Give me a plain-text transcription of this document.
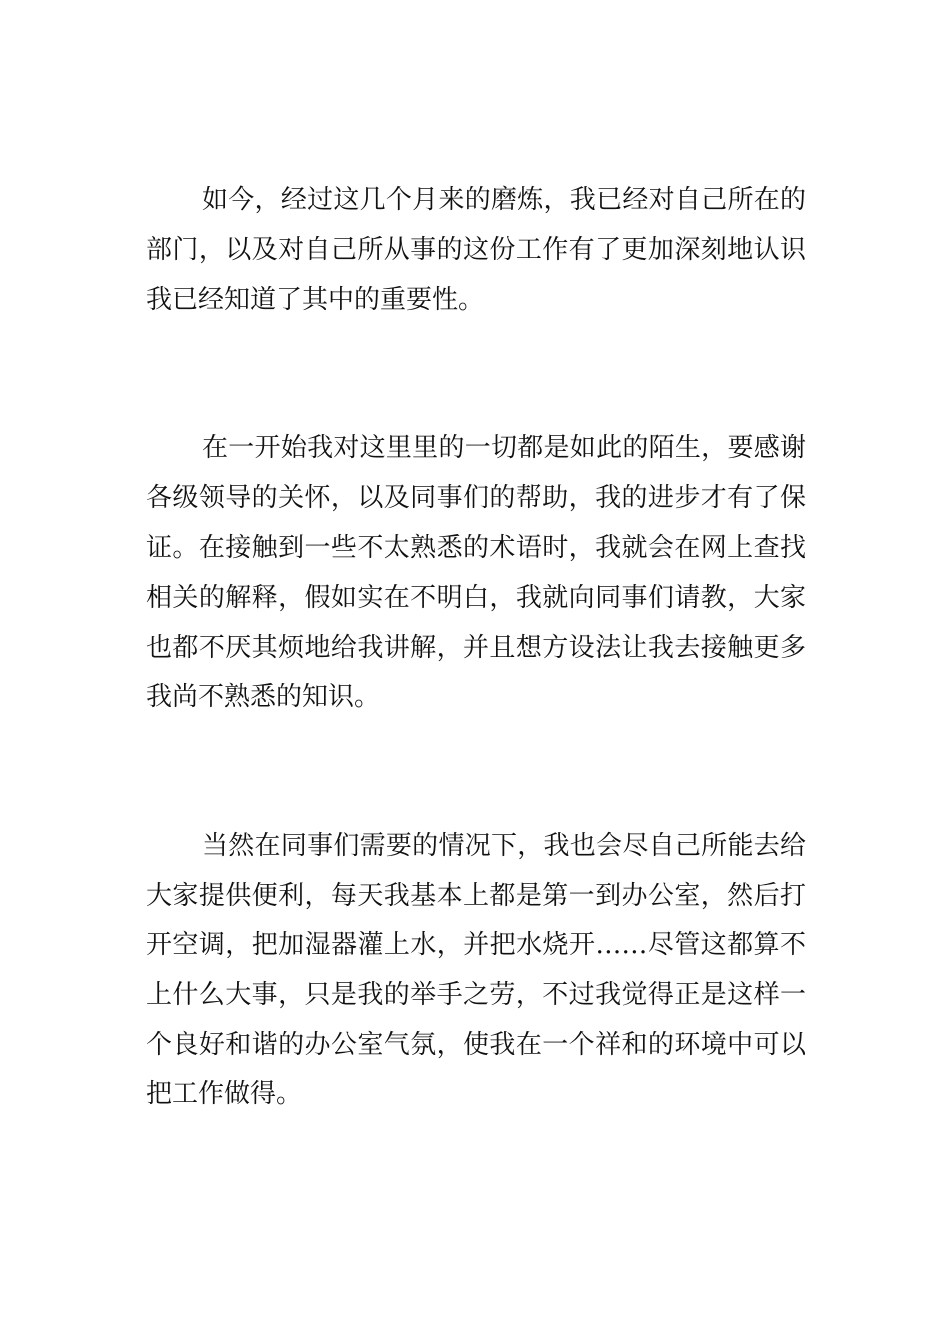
如今，经过这几个月来的磨炼，我已经对自己所在的
部门，以及对自己所从事的这份工作有了更加深刻地认识
我已经知道了其中的重要性。
在一开始我对这里里的一切都是如此的陌生，要感谢
各级领导的关怀，以及同事们的帮助，我的进步才有了保
证。在接触到一些不太熟悉的术语时，我就会在网上查找
相关的解释，假如实在不明白，我就向同事们请教，大家
也都不厌其烦地给我讲解，并且想方设法让我去接触更多
我尚不熟悉的知识。
当然在同事们需要的情况下，我也会尽自己所能去给
大家提供便利，每天我基本上都是第一到办公室，然后打
开空调，把加湿器灌上水，并把水烧开……尽管这都算不
上什么大事，只是我的举手之劳，不过我觉得正是这样一
个良好和谐的办公室气氛，使我在一个祥和的环境中可以
把工作做得。
